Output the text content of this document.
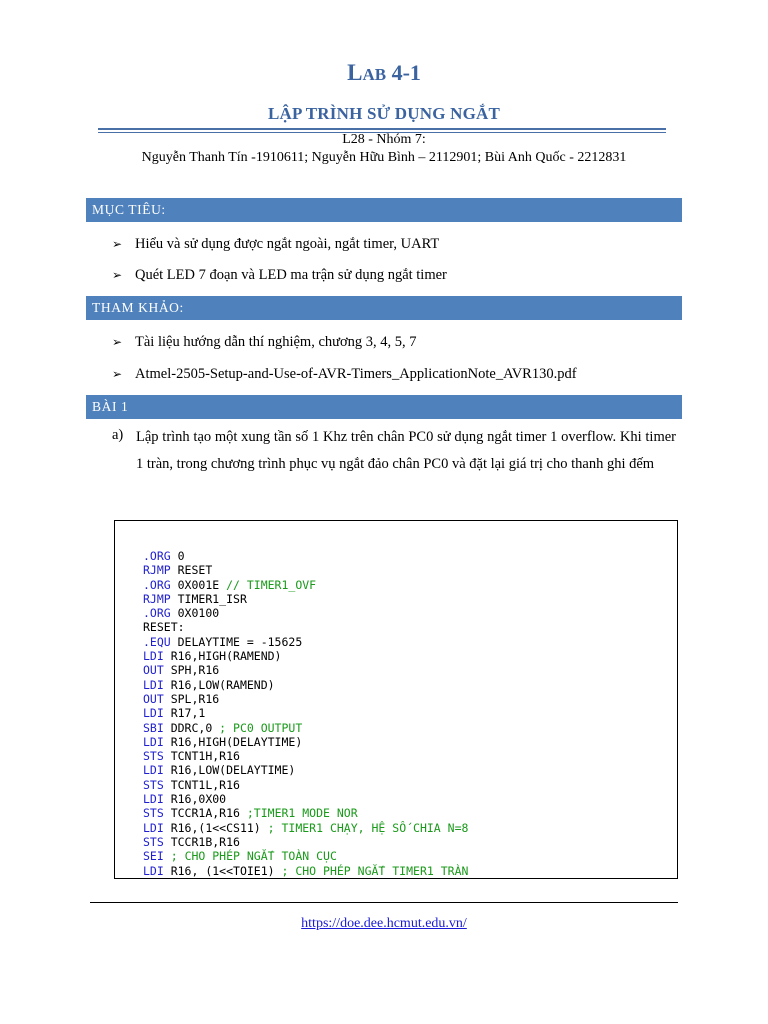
LAB 4-1
LẬP TRÌNH SỬ DỤNG NGẮT
L28 - Nhóm 7:
Nguyễn Thanh Tín -1910611; Nguyễn Hữu Bình – 2112901; Bùi Anh Quốc - 2212831
MỤC TIÊU:
➢ Hiểu và sử dụng được ngắt ngoài, ngắt timer, UART
➢ Quét LED 7 đoạn và LED ma trận sử dụng ngắt timer
THAM KHẢO:
➢ Tài liệu hướng dẫn thí nghiệm, chương 3, 4, 5, 7
➢ Atmel-2505-Setup-and-Use-of-AVR-Timers_ApplicationNote_AVR130.pdf
BÀI 1
a) Lập trình tạo một xung tần số 1 Khz trên chân PC0 sử dụng ngắt timer 1 overflow. Khi timer 1 tràn, trong chương trình phục vụ ngắt đảo chân PC0 và đặt lại giá trị cho thanh ghi đếm
.ORG 0
RJMP RESET
.ORG 0X001E // TIMER1_OVF
RJMP TIMER1_ISR
.ORG 0X0100
RESET:
.EQU DELAYTIME = -15625
LDI R16,HIGH(RAMEND)
OUT SPH,R16
LDI R16,LOW(RAMEND)
OUT SPL,R16
LDI R17,1
SBI DDRC,0 ; PC0 OUTPUT
LDI R16,HIGH(DELAYTIME)
STS TCNT1H,R16
LDI R16,LOW(DELAYTIME)
STS TCNT1L,R16
LDI R16,0X00
STS TCCR1A,R16 ;TIMER1 MODE NOR
LDI R16,(1<<CS11) ; TIMER1 CHẠY, HỆ SỐ CHIA N=8
STS TCCR1B,R16
SEI ; CHO PHÉP NGẮT TOÀN CỤC
LDI R16, (1<<TOIE1) ; CHO PHÉP NGẮT TIMER1 TRÀN
https://doe.dee.hcmut.edu.vn/
